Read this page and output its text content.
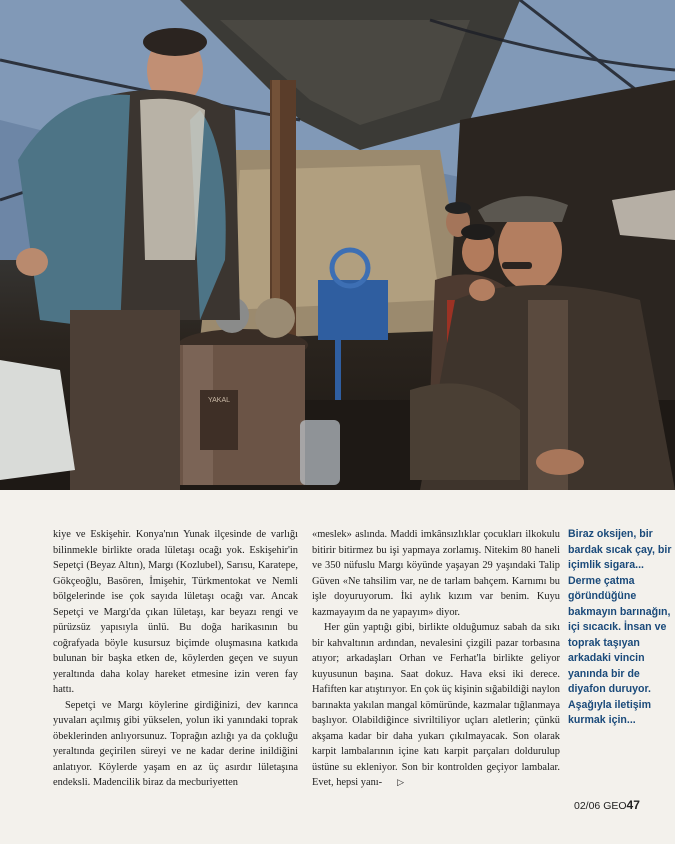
YAKAL

kiye ve Eskişehir. Konya'nın Yunak ilçesinde de varlığı bilinmekle birlikte orada lületaşı ocağı yok. Eskişehir'in Sepetçi (Beyaz Altın), Margı (Kozlubel), Sarısu, Karatepe, Gökçeoğlu, Basören, İmişehir, Türkmentokat ve Nemli bölgelerinde ise çok sayıda lületaşı ocağı var. Ancak Sepetçi ve Margı'da çıkan lületaşı, kar beyazı rengi ve pürüzsüz yapısıyla ünlü. Bu doğa harikasının bu coğrafyada böyle kusursuz biçimde oluşmasına katkıda bulunan bir başka etken de, köylerden geçen ve suyun yeraltında daha kolay hareket etmesine izin veren fay hattı.

Sepetçi ve Margı köylerine girdiğinizi, dev karınca yuvaları açılmış gibi yükselen, yolun iki yanındaki toprak öbeklerinden anlıyorsunuz. Toprağın azlığı ya da çokluğu yeraltında geçirilen süreyi ve ne kadar derine inildiğini anlatıyor. Köylerde yaşam en az üç asırdır lületaşına endeksli. Madencilik biraz da mecburiyetten

«meslek» aslında. Maddi imkânsızlıklar çocukları ilkokulu bitirir bitirmez bu işi yapmaya zorlamış. Nitekim 80 haneli ve 350 nüfuslu Margı köyünde yaşayan 29 yaşındaki Talip Güven «Ne tahsilim var, ne de tarlam bahçem. Karnımı bu işle doyuruyorum. İki aylık kızım var benim. Kuyu kazmayayım da ne yapayım» diyor.

Her gün yaptığı gibi, birlikte olduğumuz sabah da sıkı bir kahvaltının ardından, nevalesini çizgili pazar torbasına atıyor; arkadaşları Orhan ve Ferhat'la birlikte geliyor kuyusunun başına. Saat dokuz. Hava eksi iki derece. Hafiften kar atıştırıyor. En çok üç kişinin sığabildiği naylon barınakta yakılan mangal kömüründe, kazmalar tığlanmaya başlıyor. Olabildiğince sivriltiliyor uçları aletlerin; çünkü akşama kadar bir daha yukarı çıkılmayacak. Son olarak karpit lambalarının içine katı karpit parçaları doldurulup üstüne su ekleniyor. Son bir kontrolden geçiyor lambalar. Evet, hepsi yanı- ▷

Biraz oksijen, bir bardak sıcak çay, bir içimlik sigara... Derme çatma göründüğüne bakmayın barınağın, içi sıcacık. İnsan ve toprak taşıyan arkadaki vincin yanında bir de diyafon duruyor. Aşağıyla iletişim kurmak için...
02/06 GEO47
